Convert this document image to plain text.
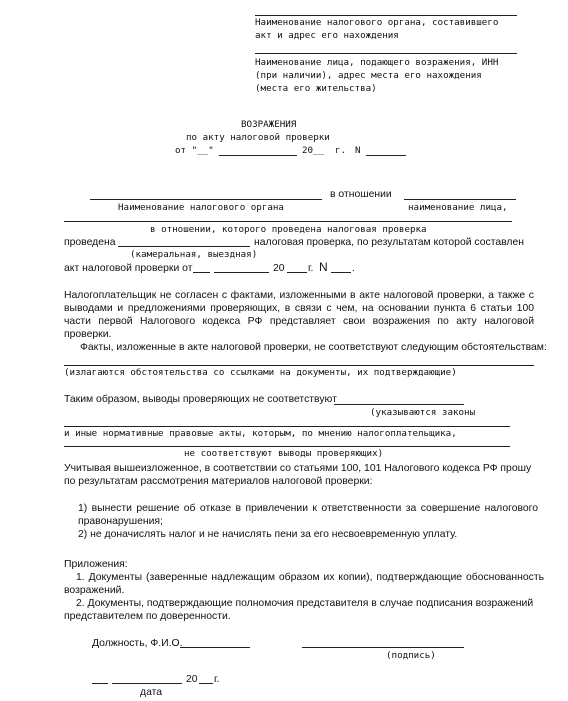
Наименование налогового органа, составившего
акт и адрес его нахождения
Наименование лица, подающего возражения, ИНН
(при наличии), адрес места его нахождения
(места его жительства)
ВОЗРАЖЕНИЯ
по акту налоговой проверки
от "__"	20__ г. N
в отношении
Наименование налогового органа	наименование лица,
в отношении, которого проведена налоговая проверка
проведена	налоговая проверка, по результатам которой составлен
(камеральная, выездная)
акт налоговой проверки от	20 г. N .
Налогоплательщик не согласен с фактами, изложенными в акте налоговой проверки, а также с выводами и предложениями проверяющих, в связи с чем, на основании пункта 6 статьи 100 части первой Налогового кодекса РФ представляет свои возражения по акту налоговой проверки.
Факты, изложенные в акте налоговой проверки, не соответствуют следующим обстоятельствам:
(излагаются обстоятельства со ссылками на документы, их подтверждающие)
Таким образом, выводы проверяющих не соответствуют
(указываются законы
и иные нормативные правовые акты, которым, по мнению налогоплательщика,
не соответствуют выводы проверяющих)
Учитывая вышеизложенное, в соответствии со статьями 100, 101 Налогового кодекса РФ прошу по результатам рассмотрения материалов налоговой проверки:
1) вынести решение об отказе в привлечении к ответственности за совершение налогового правонарушения;
2) не доначислять налог и не начислять пени за его несвоевременную уплату.
Приложения:
1. Документы (заверенные надлежащим образом их копии), подтверждающие обоснованность возражений.
2. Документы, подтверждающие полномочия представителя в случае подписания возражений представителем по доверенности.
Должность, Ф.И.О.
(подпись)
20 г.
дата
